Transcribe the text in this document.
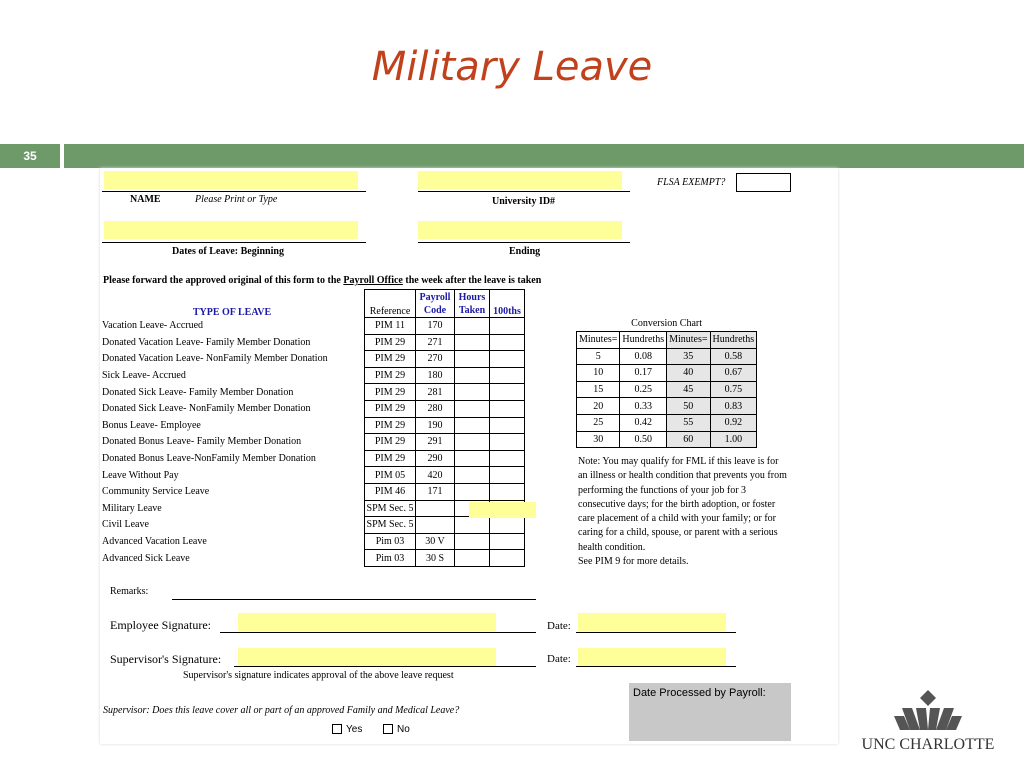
Military Leave
35
NAME	Please Print or Type	University ID#
FLSA EXEMPT?
Dates of Leave: Beginning	Ending
Please forward the approved original of this form to the Payroll Office the week after the leave is taken
TYPE OF LEAVE	Reference	Payroll Code	Hours Taken	100ths
Vacation Leave- Accrued	PIM 11	170		
Donated Vacation Leave- Family Member Donation	PIM 29	271		
Donated Vacation Leave- NonFamily Member Donation	PIM 29	270		
Sick Leave- Accrued	PIM 29	180		
Donated Sick Leave- Family Member Donation	PIM 29	281		
Donated Sick Leave- NonFamily Member Donation	PIM 29	280		
Bonus Leave- Employee	PIM 29	190		
Donated Bonus Leave- Family Member Donation	PIM 29	291		
Donated Bonus Leave-NonFamily Member Donation	PIM 29	290		
Leave Without Pay	PIM 05	420		
Community Service Leave	PIM 46	171		
Military Leave	SPM Sec. 5			
Civil Leave	SPM Sec. 5			
Advanced Vacation Leave	Pim 03	30 V		
Advanced Sick Leave	Pim 03	30 S		
Conversion Chart
Minutes=	Hundreths	Minutes=	Hundreths
5	0.08	35	0.58
10	0.17	40	0.67
15	0.25	45	0.75
20	0.33	50	0.83
25	0.42	55	0.92
30	0.50	60	1.00
Note: You may qualify for FML if this leave is for an illness or health condition that prevents you from performing the functions of your job for 3 consecutive days; for the birth adoption, or foster care placement of a child with your family; or for caring for a child, spouse, or parent with a serious health condition.
See PIM 9 for more details.
Remarks:
Employee Signature:	Date:
Supervisor's Signature:	Date:
Supervisor's signature indicates approval of the above leave request
Supervisor: Does this leave cover all or part of an approved Family and Medical Leave?
Yes	No
Date Processed by Payroll:
UNC CHARLOTTE
